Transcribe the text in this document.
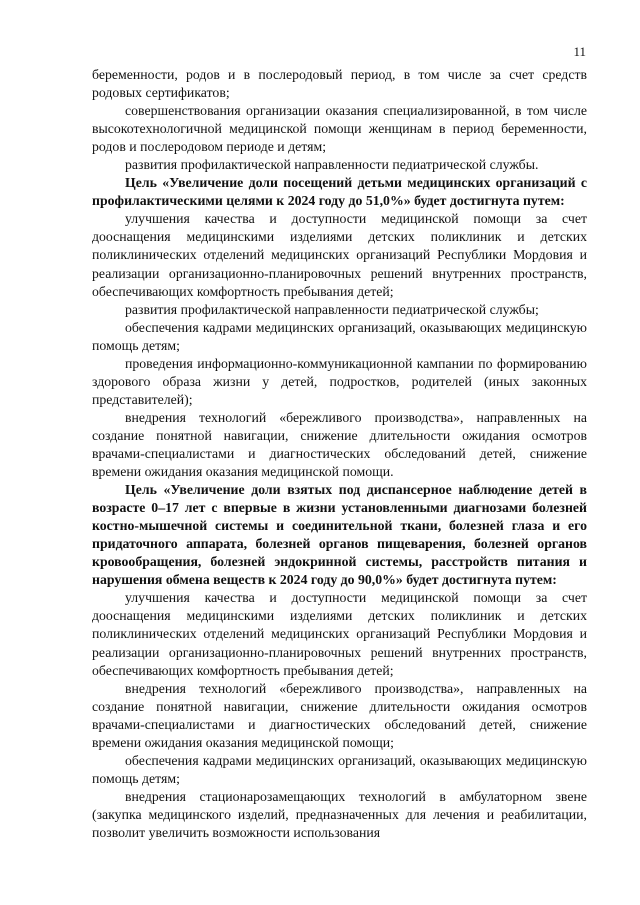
11

беременности, родов и в послеродовый период, в том числе за счет средств родовых сертификатов;

совершенствования организации оказания специализированной, в том числе высокотехнологичной медицинской помощи женщинам в период беременности, родов и послеродовом периоде и детям;

развития профилактической направленности педиатрической службы.

Цель «Увеличение доли посещений детьми медицинских организаций с профилактическими целями к 2024 году до 51,0%» будет достигнута путем:

улучшения качества и доступности медицинской помощи за счет дооснащения медицинскими изделиями детских поликлиник и детских поликлинических отделений медицинских организаций Республики Мордовия и реализации организационно-планировочных решений внутренних пространств, обеспечивающих комфортность пребывания детей;

развития профилактической направленности педиатрической службы;

обеспечения кадрами медицинских организаций, оказывающих медицинскую помощь детям;

проведения информационно-коммуникационной кампании по формированию здорового образа жизни у детей, подростков, родителей (иных законных представителей);

внедрения технологий «бережливого производства», направленных на создание понятной навигации, снижение длительности ожидания осмотров врачами-специалистами и диагностических обследований детей, снижение времени ожидания оказания медицинской помощи.

Цель «Увеличение доли взятых под диспансерное наблюдение детей в возрасте 0–17 лет с впервые в жизни установленными диагнозами болезней костно-мышечной системы и соединительной ткани, болезней глаза и его придаточного аппарата, болезней органов пищеварения, болезней органов кровообращения, болезней эндокринной системы, расстройств питания и нарушения обмена веществ к 2024 году до 90,0%» будет достигнута путем:

улучшения качества и доступности медицинской помощи за счет дооснащения медицинскими изделиями детских поликлиник и детских поликлинических отделений медицинских организаций Республики Мордовия и реализации организационно-планировочных решений внутренних пространств, обеспечивающих комфортность пребывания детей;

внедрения технологий «бережливого производства», направленных на создание понятной навигации, снижение длительности ожидания осмотров врачами-специалистами и диагностических обследований детей, снижение времени ожидания оказания медицинской помощи;

обеспечения кадрами медицинских организаций, оказывающих медицинскую помощь детям;

внедрения стационарозамещающих технологий в амбулаторном звене (закупка медицинского изделий, предназначенных для лечения и реабилитации, позволит увеличить возможности использования
